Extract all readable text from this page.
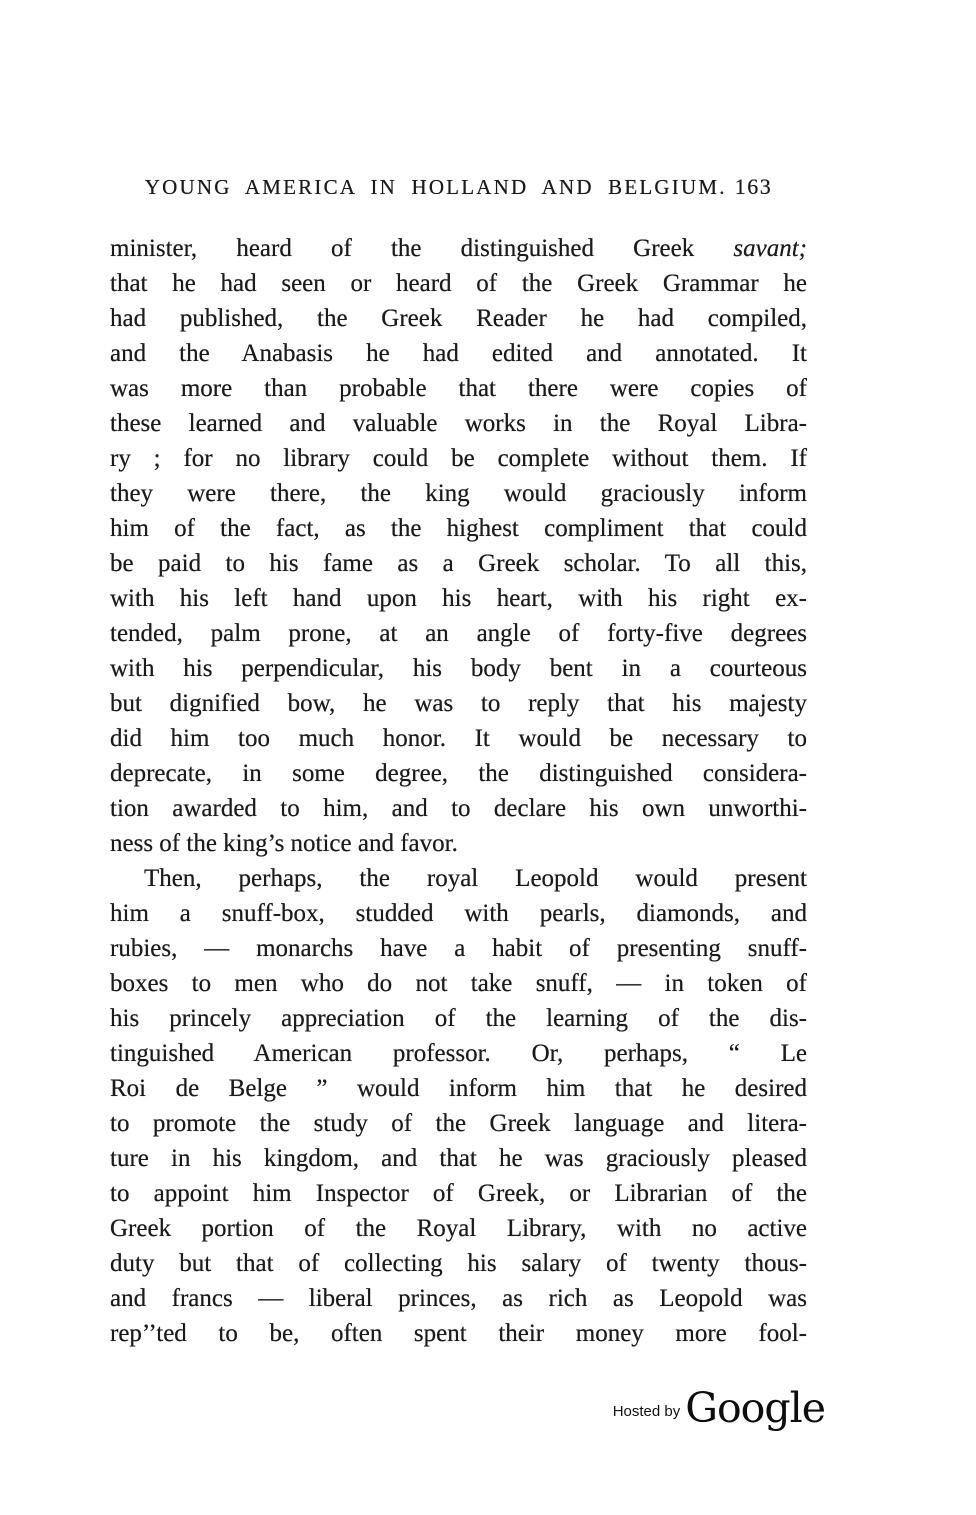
YOUNG AMERICA IN HOLLAND AND BELGIUM. 163
minister, heard of the distinguished Greek savant;
that he had seen or heard of the Greek Grammar he
had published, the Greek Reader he had compiled,
and the Anabasis he had edited and annotated. It
was more than probable that there were copies of
these learned and valuable works in the Royal Libra-
ry ; for no library could be complete without them. If
they were there, the king would graciously inform
him of the fact, as the highest compliment that could
be paid to his fame as a Greek scholar. To all this,
with his left hand upon his heart, with his right ex-
tended, palm prone, at an angle of forty-five degrees
with his perpendicular, his body bent in a courteous
but dignified bow, he was to reply that his majesty
did him too much honor. It would be necessary to
deprecate, in some degree, the distinguished considera-
tion awarded to him, and to declare his own unworthi-
ness of the king’s notice and favor.
Then, perhaps, the royal Leopold would present
him a snuff-box, studded with pearls, diamonds, and
rubies, — monarchs have a habit of presenting snuff-
boxes to men who do not take snuff, — in token of
his princely appreciation of the learning of the dis-
tinguished American professor. Or, perhaps, “ Le
Roi de Belge ” would inform him that he desired
to promote the study of the Greek language and litera-
ture in his kingdom, and that he was graciously pleased
to appoint him Inspector of Greek, or Librarian of the
Greek portion of the Royal Library, with no active
duty but that of collecting his salary of twenty thous-
and francs — liberal princes, as rich as Leopold was
rep’’ted to be, often spent their money more fool-
Hosted by Google
